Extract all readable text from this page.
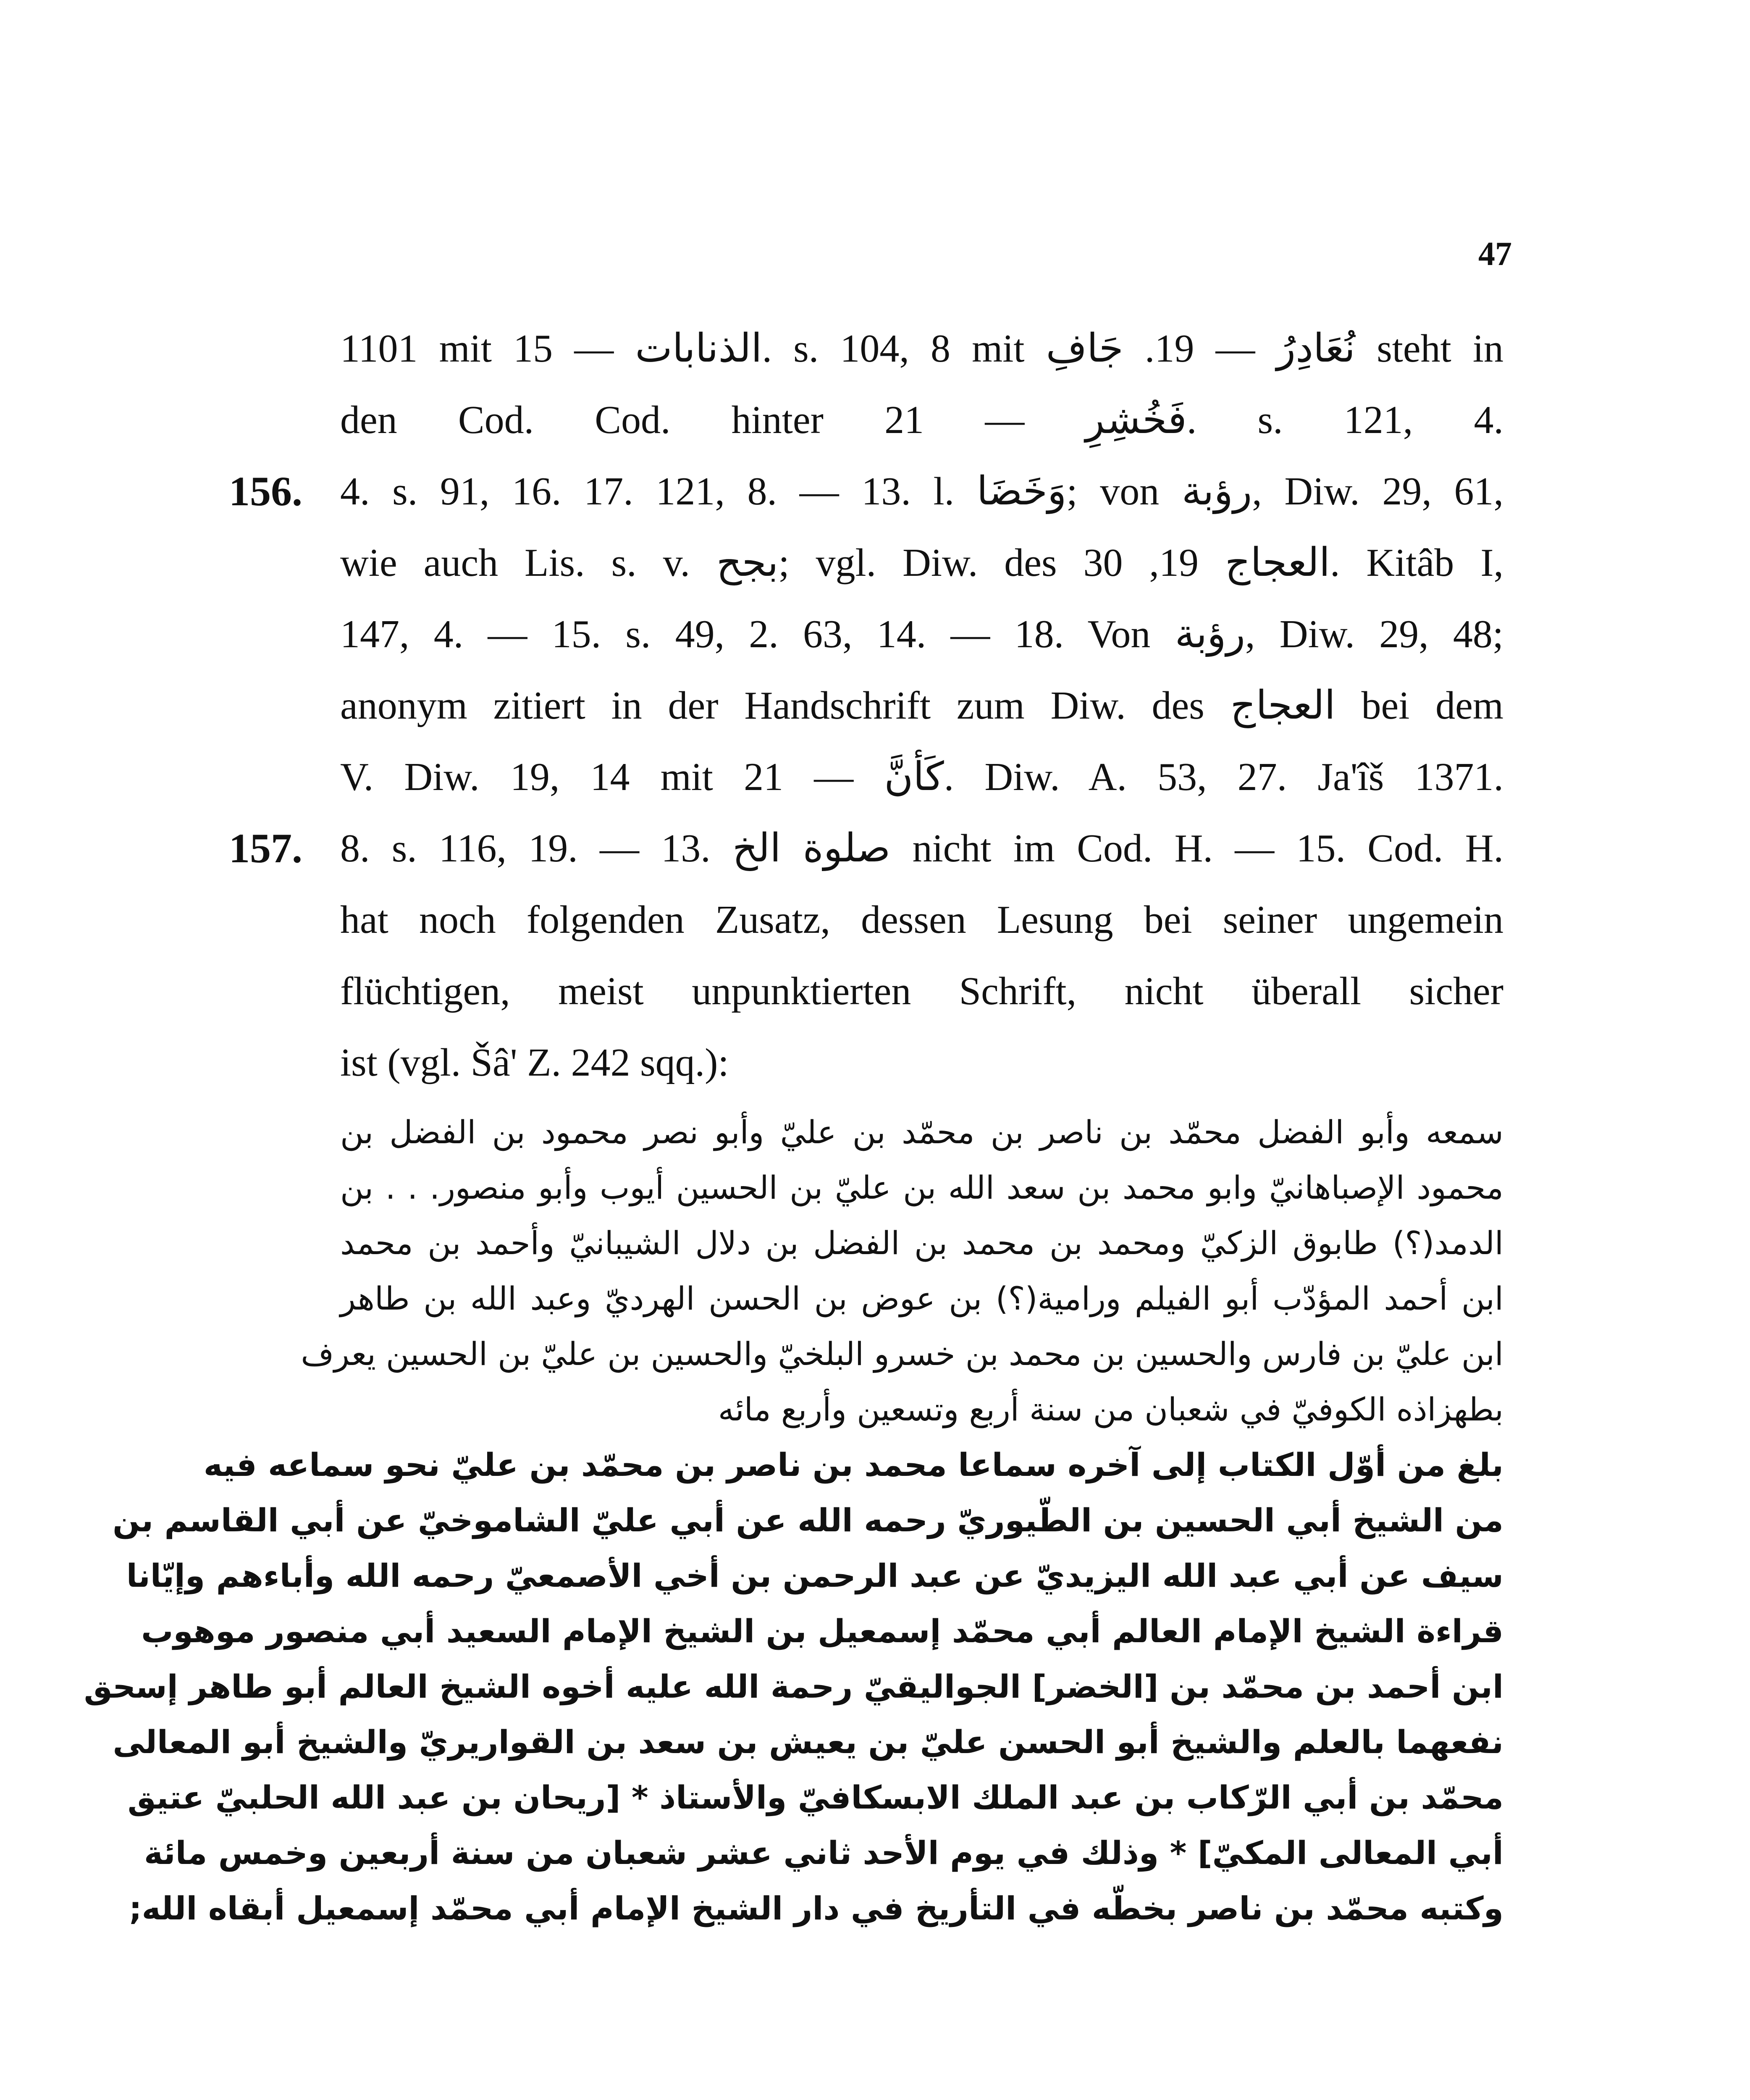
47
1101 mit الذنابات — 15. s. 104, 8 mit نُعَادِرُ — 19. جَافِ steht in
den Cod. Cod. hinter فَخُشِرِ — 21. s. 121, 4.
156. 4. s. 91, 16. 17. 121, 8. — 13. l. وَخَضَا; von رؤبة, Diw. 29, 61,
wie auch Lis. s. v. بجح; vgl. Diw. des العجاج 19, 30. Kitâb I,
147, 4. — 15. s. 49, 2. 63, 14. — 18. Von رؤبة, Diw. 29, 48;
anonym zitiert in der Handschrift zum Diw. des العجاج bei dem
V. Diw. 19, 14 mit كَأنَّ — 21. Diw. A. 53, 27. Ja'îš 1371.
157. 8. s. 116, 19. — 13. صلوة الخ nicht im Cod. H. — 15. Cod. H.
hat noch folgenden Zusatz, dessen Lesung bei seiner ungemein
flüchtigen, meist unpunktierten Schrift, nicht überall sicher
ist (vgl. Šâ' Z. 242 sqq.):
سمعه وأبو الفضل محمّد بن ناصر بن محمّد بن عليّ وأبو نصر محمود بن الفضل بن
محمود الإصباهانيّ وابو محمد بن سعد الله بن عليّ بن الحسين أيوب وأبو منصور. . . بن
الدمد(؟) طابوق الزكيّ ومحمد بن محمد بن الفضل بن دلال الشيبانيّ وأحمد بن محمد
ابن أحمد المؤدّب أبو الفيلم ورامية(؟) بن عوض بن الحسن الهرديّ وعبد الله بن طاهر
ابن عليّ بن فارس والحسين بن محمد بن خسرو البلخيّ والحسين بن عليّ بن الحسين يعرف
بطهزاذه الكوفيّ في شعبان من سنة أربع وتسعين وأربع مائه
بلغ من أوّل الكتاب إلى آخره سماعا محمد بن ناصر بن محمّد بن عليّ نحو سماعه فيه
من الشيخ أبي الحسين بن الطّيوريّ رحمه الله عن أبي عليّ الشاموخيّ عن أبي القاسم بن
سيف عن أبي عبد الله اليزيديّ عن عبد الرحمن بن أخي الأصمعيّ رحمه الله وأباءهم وإيّانا
قراءة الشيخ الإمام العالم أبي محمّد إسمعيل بن الشيخ الإمام السعيد أبي منصور موهوب
ابن أحمد بن محمّد بن [الخضر] الجواليقيّ رحمة الله عليه أخوه الشيخ العالم أبو طاهر إسحق
نفعهما بالعلم والشيخ أبو الحسن عليّ بن يعيش بن سعد بن القواريريّ والشيخ أبو المعالى
محمّد بن أبي الرّكاب بن عبد الملك الابسكافيّ والأستاذ * [ريحان بن عبد الله الحلبيّ عتيق
أبي المعالى المكيّ] * وذلك في يوم الأحد ثاني عشر شعبان من سنة أربعين وخمس مائة
وكتبه محمّد بن ناصر بخطّه في التأريخ في دار الشيخ الإمام أبي محمّد إسمعيل أبقاه الله;
